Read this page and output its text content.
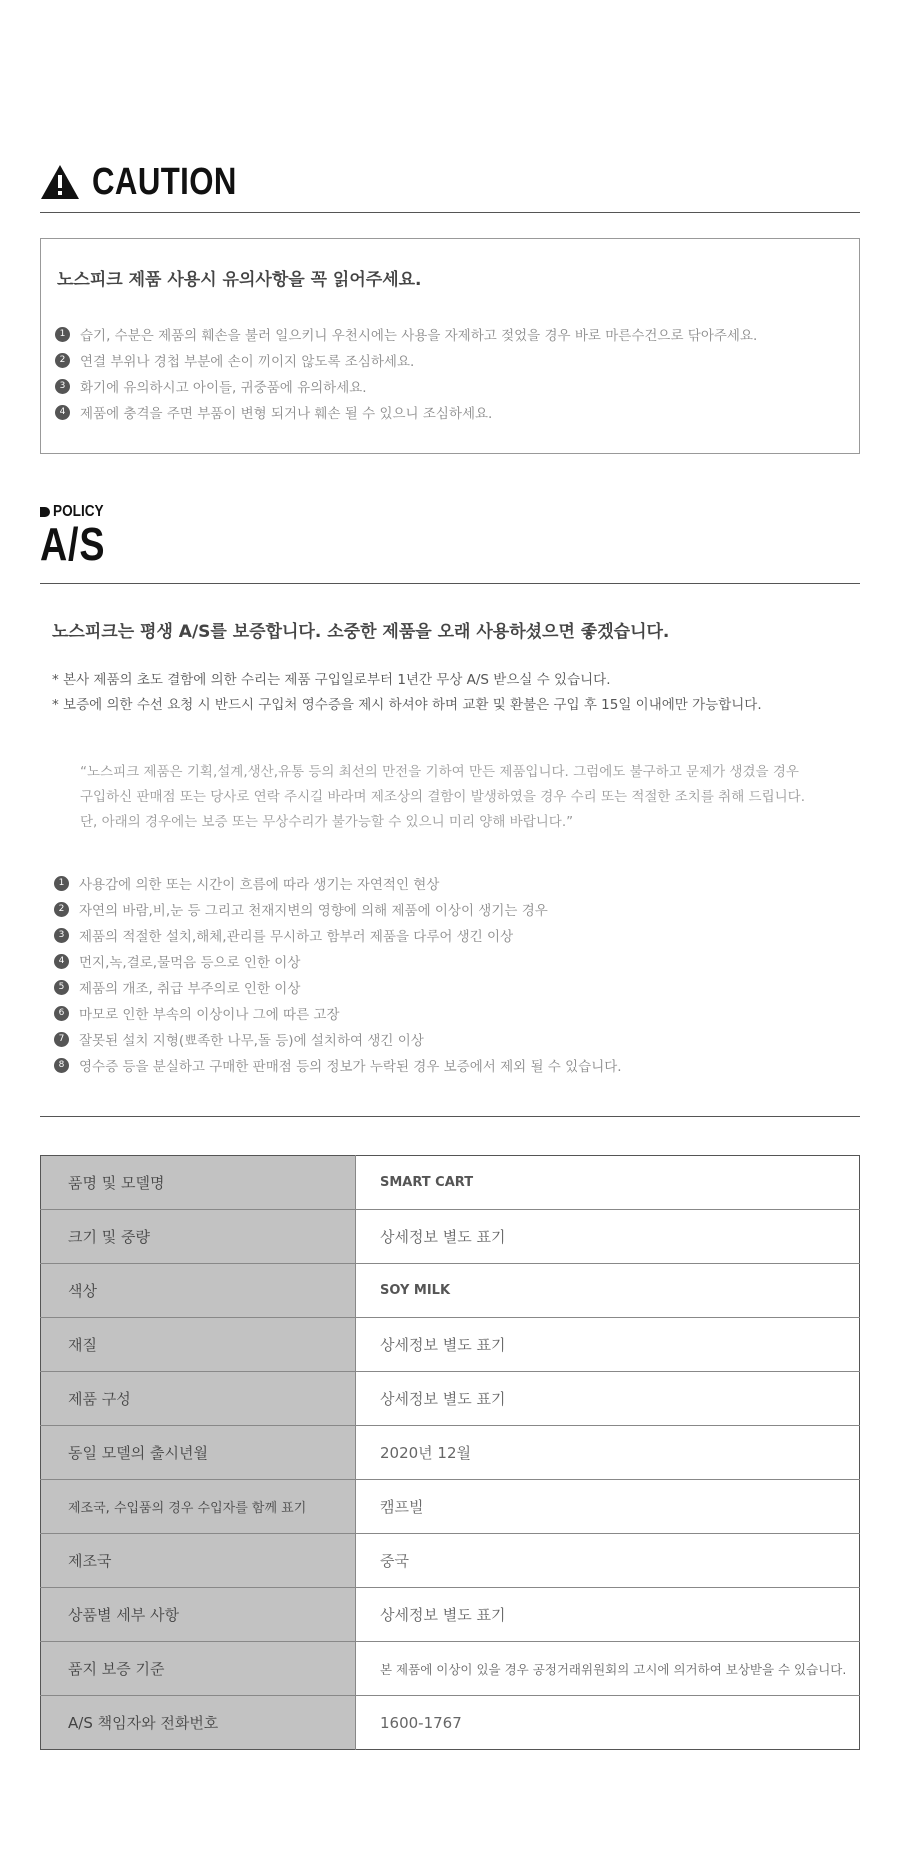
CAUTION
노스피크 제품 사용시 유의사항을 꼭 읽어주세요.
1	습기, 수분은 제품의 훼손을 불러 일으키니 우천시에는 사용을 자제하고 젖었을 경우 바로 마른수건으로 닦아주세요.
2	연결 부위나 경첩 부분에 손이 끼이지 않도록 조심하세요.
3	화기에 유의하시고 아이들, 귀중품에 유의하세요.
4	제품에 충격을 주면 부품이 변형 되거나 훼손 될 수 있으니 조심하세요.
POLICY
A/S
노스피크는 평생 A/S를 보증합니다. 소중한 제품을 오래 사용하셨으면 좋겠습니다.
* 본사 제품의 초도 결함에 의한 수리는 제품 구입일로부터 1년간 무상 A/S 받으실 수 있습니다.
* 보증에 의한 수선 요청 시 반드시 구입처 영수증을 제시 하셔야 하며 교환 및 환불은 구입 후 15일 이내에만 가능합니다.
“노스피크 제품은 기획,설계,생산,유통 등의 최선의 만전을 기하여 만든 제품입니다. 그럼에도 불구하고 문제가 생겼을 경우
구입하신 판매점 또는 당사로 연락 주시길 바라며 제조상의 결함이 발생하였을 경우 수리 또는 적절한 조치를 취해 드립니다.
단, 아래의 경우에는 보증 또는 무상수리가 불가능할 수 있으니 미리 양해 바랍니다.”
1	사용감에 의한 또는 시간이 흐름에 따라 생기는 자연적인 현상
2	자연의 바람,비,눈 등 그리고 천재지변의 영향에 의해 제품에 이상이 생기는 경우
3	제품의 적절한 설치,해체,관리를 무시하고 함부러 제품을 다루어 생긴 이상
4	먼지,녹,결로,물먹음 등으로 인한 이상
5	제품의 개조, 취급 부주의로 인한 이상
6	마모로 인한 부속의 이상이나 그에 따른 고장
7	잘못된 설치 지형(뾰족한 나무,돌 등)에 설치하여 생긴 이상
8	영수증 등을 분실하고 구매한 판매점 등의 정보가 누락된 경우 보증에서 제외 될 수 있습니다.
품명 및 모델명	SMART CART
크기 및 중량	상세정보 별도 표기
색상	SOY MILK
재질	상세정보 별도 표기
제품 구성	상세정보 별도 표기
동일 모델의 출시년월	2020년 12월
제조국, 수입품의 경우 수입자를 함께 표기	캠프빌
제조국	중국
상품별 세부 사항	상세정보 별도 표기
품지 보증 기준	본 제품에 이상이 있을 경우 공정거래위원회의 고시에 의거하여 보상받을 수 있습니다.
A/S 책임자와 전화번호	1600-1767
